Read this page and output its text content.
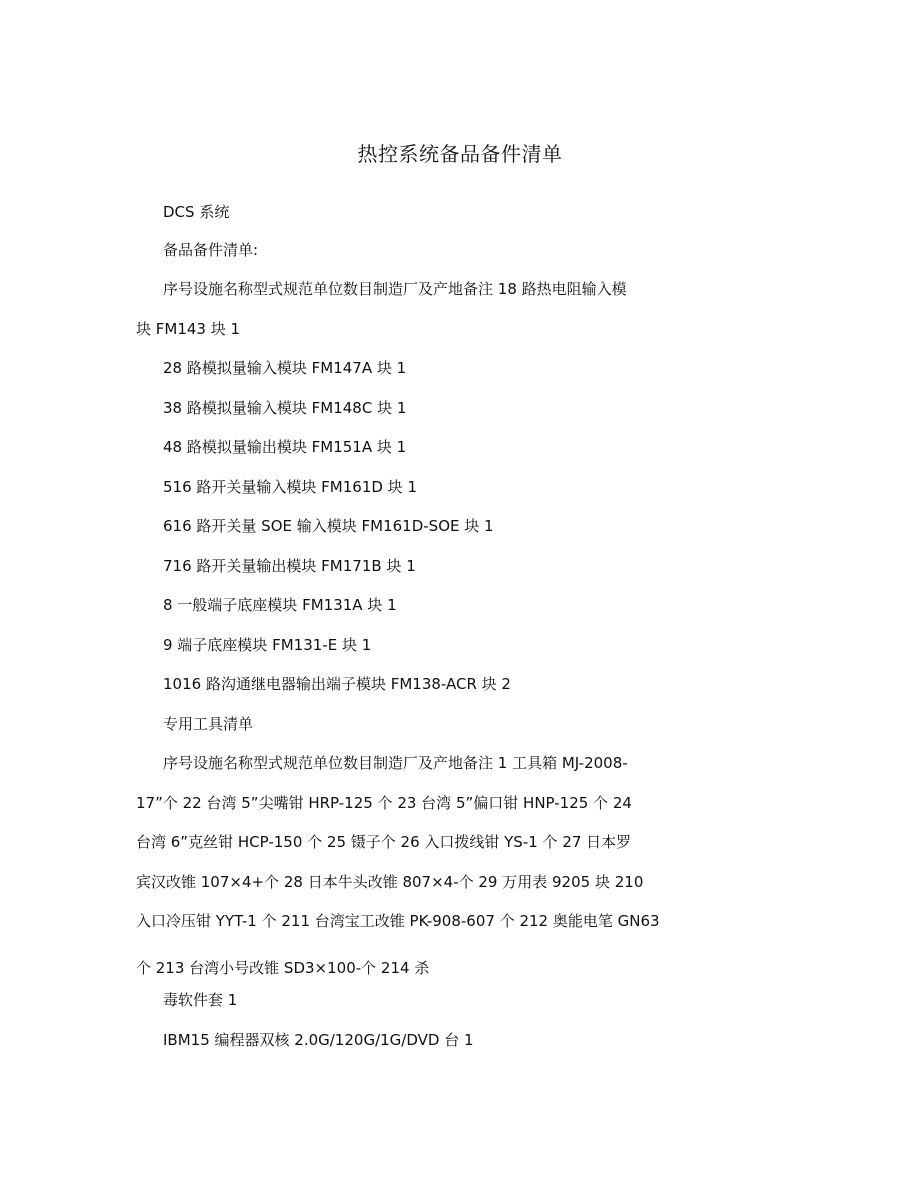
热控系统备品备件清单
DCS 系统
备品备件清单:
序号设施名称型式规范单位数目制造厂及产地备注 18 路热电阻输入模
块 FM143 块 1
28 路模拟量输入模块 FM147A 块 1
38 路模拟量输入模块 FM148C 块 1
48 路模拟量输出模块 FM151A 块 1
516 路开关量输入模块 FM161D 块 1
616 路开关量 SOE 输入模块 FM161D-SOE 块 1
716 路开关量输出模块 FM171B 块 1
8 一般端子底座模块 FM131A 块 1
9 端子底座模块 FM131-E 块 1
1016 路沟通继电器输出端子模块 FM138-ACR 块 2
专用工具清单
序号设施名称型式规范单位数目制造厂及产地备注 1 工具箱 MJ-2008-
17”个 22 台湾 5”尖嘴钳 HRP-125 个 23 台湾 5”偏口钳 HNP-125 个 24
台湾 6”克丝钳 HCP-150 个 25 镊子个 26 入口拨线钳 YS-1 个 27 日本罗
宾汉改锥 107×4+个 28 日本牛头改锥 807×4-个 29 万用表 9205 块 210
入口冷压钳 YYT-1 个 211 台湾宝工改锥 PK-908-607 个 212 奥能电笔 GN63
个 213 台湾小号改锥 SD3×100-个 214 杀
毒软件套 1
IBM15 编程器双核 2.0G/120G/1G/DVD 台 1
